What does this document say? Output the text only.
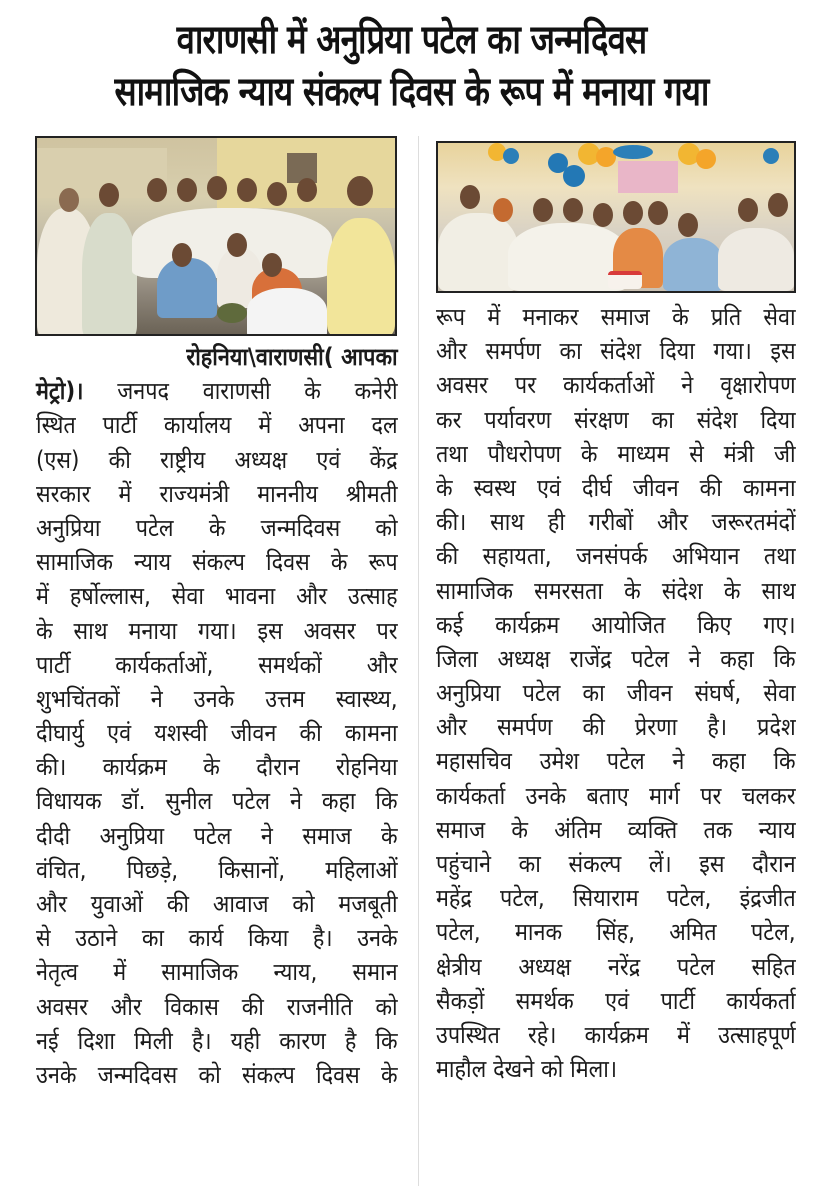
वाराणसी में अनुप्रिया पटेल का जन्मदिवस
सामाजिक न्याय संकल्प दिवस के रूप में मनाया गया
रोहनिया\वाराणसी( आपका
मेट्रो)। जनपद वाराणसी के कनेरी
स्थित पार्टी कार्यालय में अपना दल
(एस) की राष्ट्रीय अध्यक्ष एवं केंद्र
सरकार में राज्यमंत्री माननीय श्रीमती
अनुप्रिया पटेल के जन्मदिवस को
सामाजिक न्याय संकल्प दिवस के रूप
में हर्षोल्लास, सेवा भावना और उत्साह
के साथ मनाया गया। इस अवसर पर
पार्टी कार्यकर्ताओं, समर्थकों और
शुभचिंतकों ने उनके उत्तम स्वास्थ्य,
दीघार्यु एवं यशस्वी जीवन की कामना
की। कार्यक्रम के दौरान रोहनिया
विधायक डॉ. सुनील पटेल ने कहा कि
दीदी अनुप्रिया पटेल ने समाज के
वंचित, पिछड़े, किसानों, महिलाओं
और युवाओं की आवाज को मजबूती
से उठाने का कार्य किया है। उनके
नेतृत्व में सामाजिक न्याय, समान
अवसर और विकास की राजनीति को
नई दिशा मिली है। यही कारण है कि
उनके जन्मदिवस को संकल्प दिवस के
रूप में मनाकर समाज के प्रति सेवा
और समर्पण का संदेश दिया गया। इस
अवसर पर कार्यकर्ताओं ने वृक्षारोपण
कर पर्यावरण संरक्षण का संदेश दिया
तथा पौधरोपण के माध्यम से मंत्री जी
के स्वस्थ एवं दीर्घ जीवन की कामना
की। साथ ही गरीबों और जरूरतमंदों
की सहायता, जनसंपर्क अभियान तथा
सामाजिक समरसता के संदेश के साथ
कई कार्यक्रम आयोजित किए गए।
जिला अध्यक्ष राजेंद्र पटेल ने कहा कि
अनुप्रिया पटेल का जीवन संघर्ष, सेवा
और समर्पण की प्रेरणा है। प्रदेश
महासचिव उमेश पटेल ने कहा कि
कार्यकर्ता उनके बताए मार्ग पर चलकर
समाज के अंतिम व्यक्ति तक न्याय
पहुंचाने का संकल्प लें। इस दौरान
महेंद्र पटेल, सियाराम पटेल, इंद्रजीत
पटेल, मानक सिंह, अमित पटेल,
क्षेत्रीय अध्यक्ष नरेंद्र पटेल सहित
सैकड़ों समर्थक एवं पार्टी कार्यकर्ता
उपस्थित रहे। कार्यक्रम में उत्साहपूर्ण
माहौल देखने को मिला।
